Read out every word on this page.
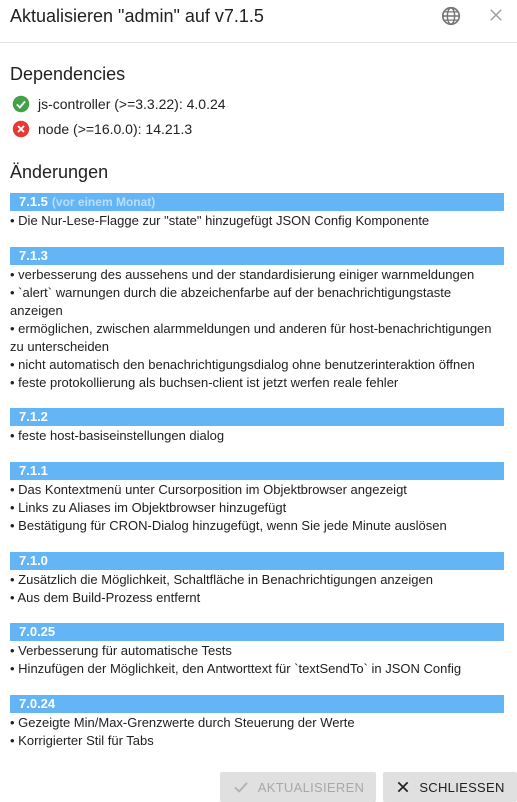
Aktualisieren "admin" auf v7.1.5
Dependencies
js-controller (>=3.3.22): 4.0.24
node (>=16.0.0): 14.21.3
Änderungen
7.1.5 (vor einem Monat)
• Die Nur-Lese-Flagge zur "state" hinzugefügt JSON Config Komponente
7.1.3
• verbesserung des aussehens und der standardisierung einiger warnmeldungen
• `alert` warnungen durch die abzeichenfarbe auf der benachrichtigungstaste
anzeigen
• ermöglichen, zwischen alarmmeldungen und anderen für host-benachrichtigungen
zu unterscheiden
• nicht automatisch den benachrichtigungsdialog ohne benutzerinteraktion öffnen
• feste protokollierung als buchsen-client ist jetzt werfen reale fehler
7.1.2
• feste host-basiseinstellungen dialog
7.1.1
• Das Kontextmenü unter Cursorposition im Objektbrowser angezeigt
• Links zu Aliases im Objektbrowser hinzugefügt
• Bestätigung für CRON-Dialog hinzugefügt, wenn Sie jede Minute auslösen
7.1.0
• Zusätzlich die Möglichkeit, Schaltfläche in Benachrichtigungen anzeigen
• Aus dem Build-Prozess entfernt
7.0.25
• Verbesserung für automatische Tests
• Hinzufügen der Möglichkeit, den Antworttext für `textSendTo` in JSON Config
7.0.24
• Gezeigte Min/Max-Grenzwerte durch Steuerung der Werte
• Korrigierter Stil für Tabs
AKTUALISIEREN	SCHLIESSEN
